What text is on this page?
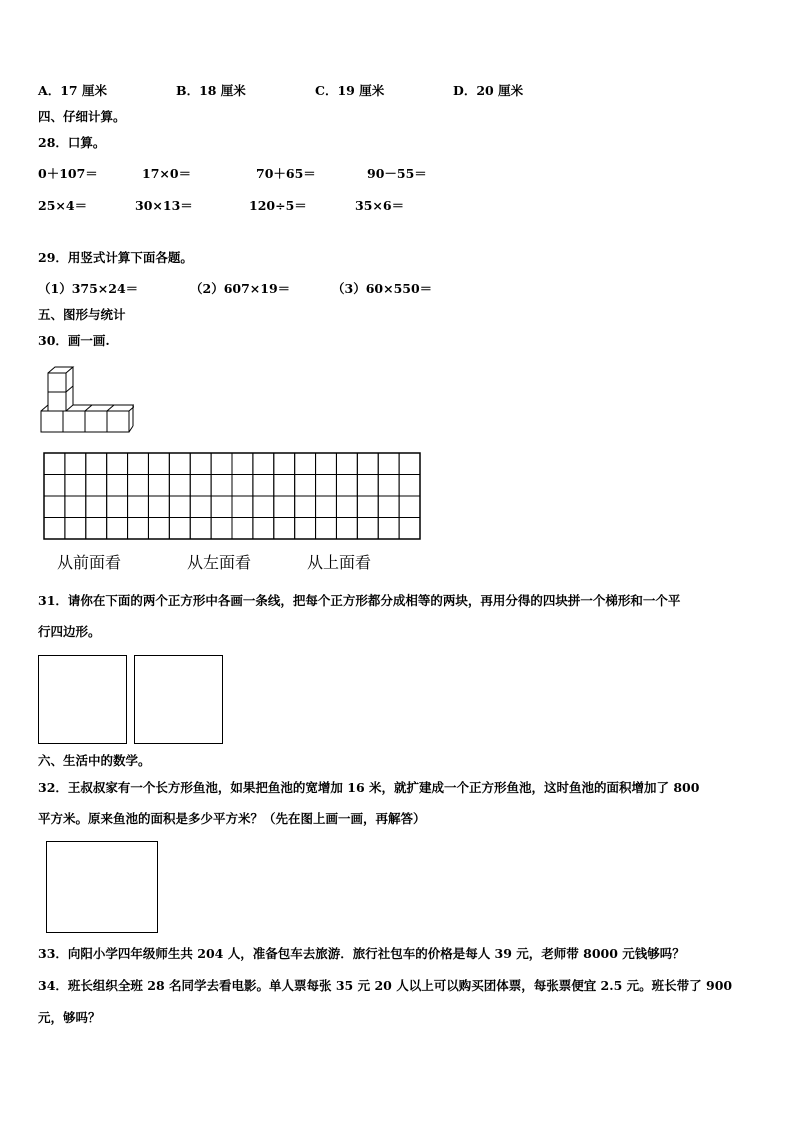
A．17 厘米	B．18 厘米	C．19 厘米	D．20 厘米
四、仔细计算。
28．口算。
0＋107＝	17×0＝	70＋65＝	90－55＝
25×4＝	30×13＝	120÷5＝	35×6＝
29．用竖式计算下面各题。
（1）375×24＝	（2）607×19＝	（3）60×550＝
五、图形与统计
30．画一画.
从前面看	从左面看	从上面看
31．请你在下面的两个正方形中各画一条线，把每个正方形都分成相等的两块，再用分得的四块拼一个梯形和一个平
行四边形。
六、生活中的数学。
32．王叔叔家有一个长方形鱼池，如果把鱼池的宽增加 16 米，就扩建成一个正方形鱼池，这时鱼池的面积增加了 800
平方米。原来鱼池的面积是多少平方米？（先在图上画一画，再解答）
33．向阳小学四年级师生共 204 人，准备包车去旅游．旅行社包车的价格是每人 39 元，老师带 8000 元钱够吗？
34．班长组织全班 28 名同学去看电影。单人票每张 35 元 20 人以上可以购买团体票，每张票便宜 2.5 元。班长带了 900
元，够吗？
